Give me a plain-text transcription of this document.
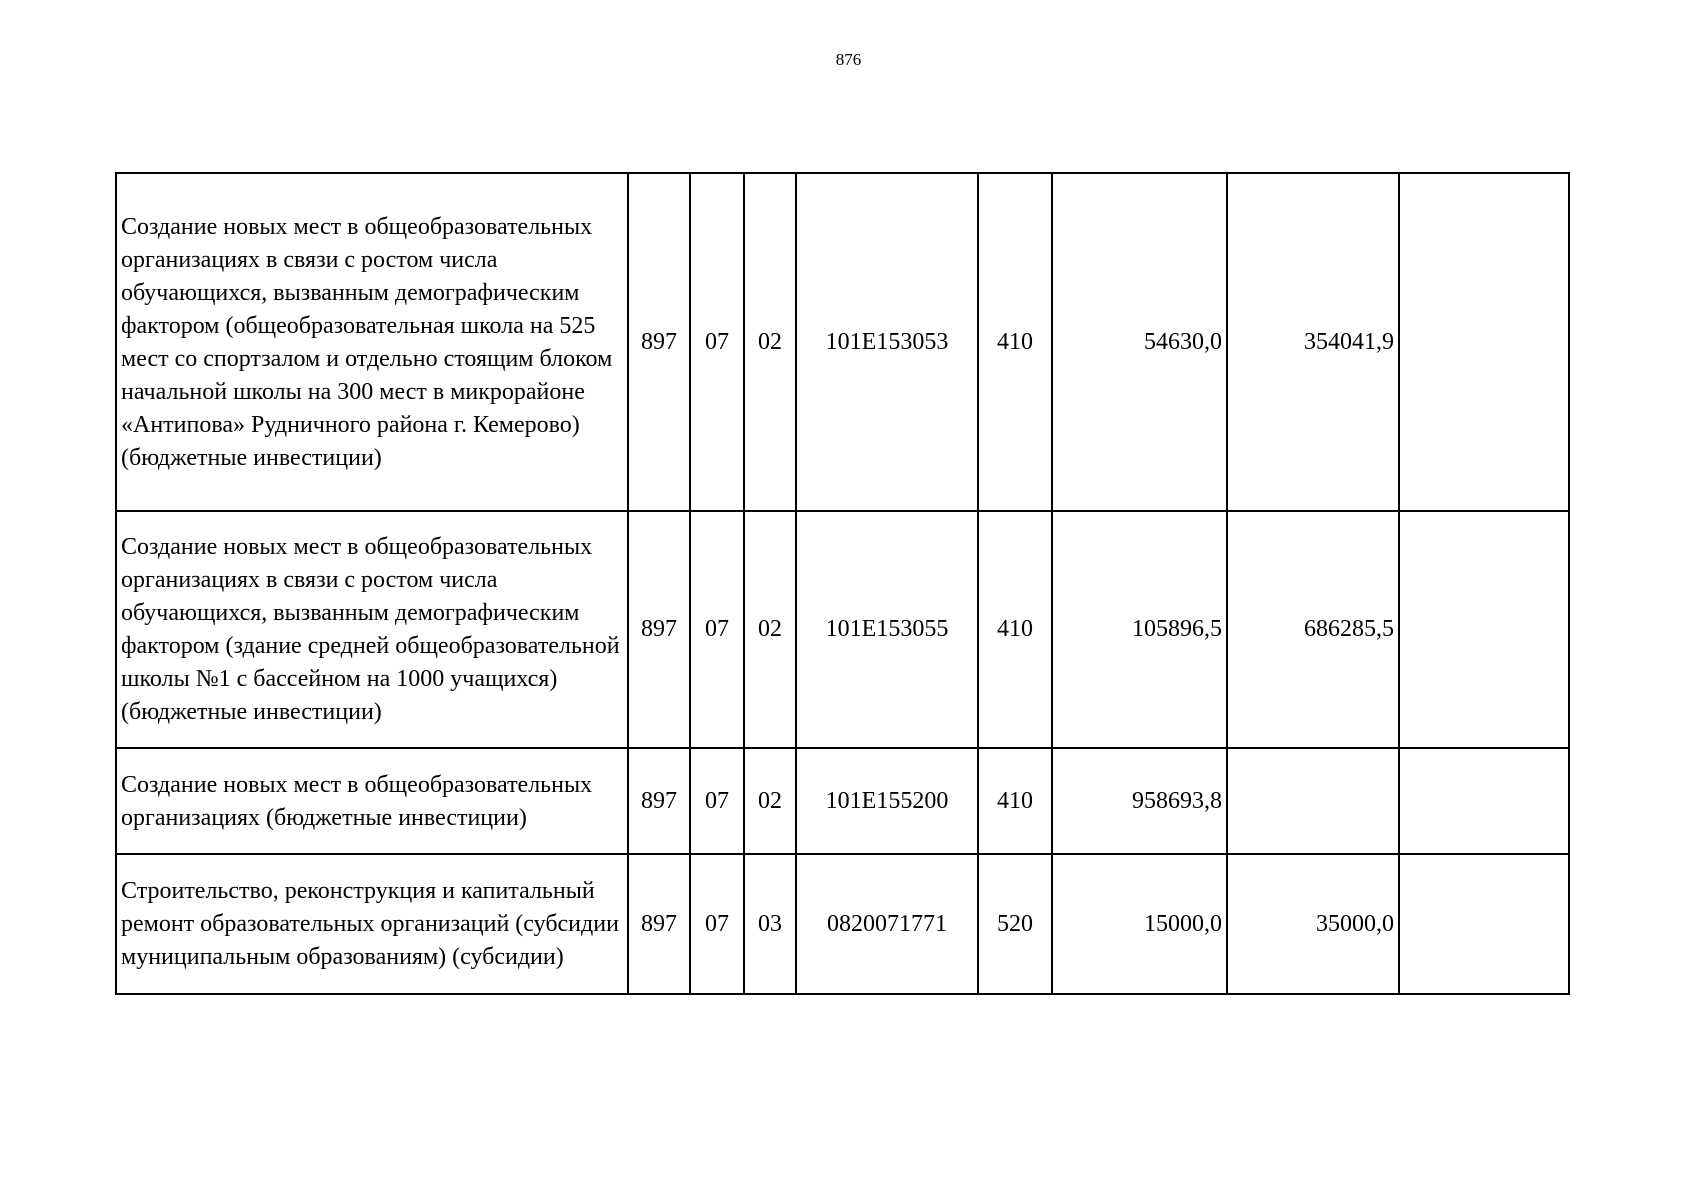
876
Создание новых мест в общеобразовательных организациях в связи с ростом числа обучающихся, вызванным демографическим фактором (общеобразовательная школа на 525 мест со спортзалом и отдельно стоящим блоком начальной школы на 300 мест в микрорайоне «Антипова» Рудничного района г. Кемерово) (бюджетные инвестиции)	897	07	02	101Е153053	410	54630,0	354041,9	
Создание новых мест в общеобразовательных организациях в связи с ростом числа обучающихся, вызванным демографическим фактором (здание средней общеобразовательной школы №1 с бассейном на 1000 учащихся) (бюджетные инвестиции)	897	07	02	101Е153055	410	105896,5	686285,5	
Создание новых мест в общеобразовательных организациях (бюджетные инвестиции)	897	07	02	101Е155200	410	958693,8		
Строительство, реконструкция и капитальный ремонт образовательных организаций (субсидии муниципальным образованиям) (субсидии)	897	07	03	0820071771	520	15000,0	35000,0	
